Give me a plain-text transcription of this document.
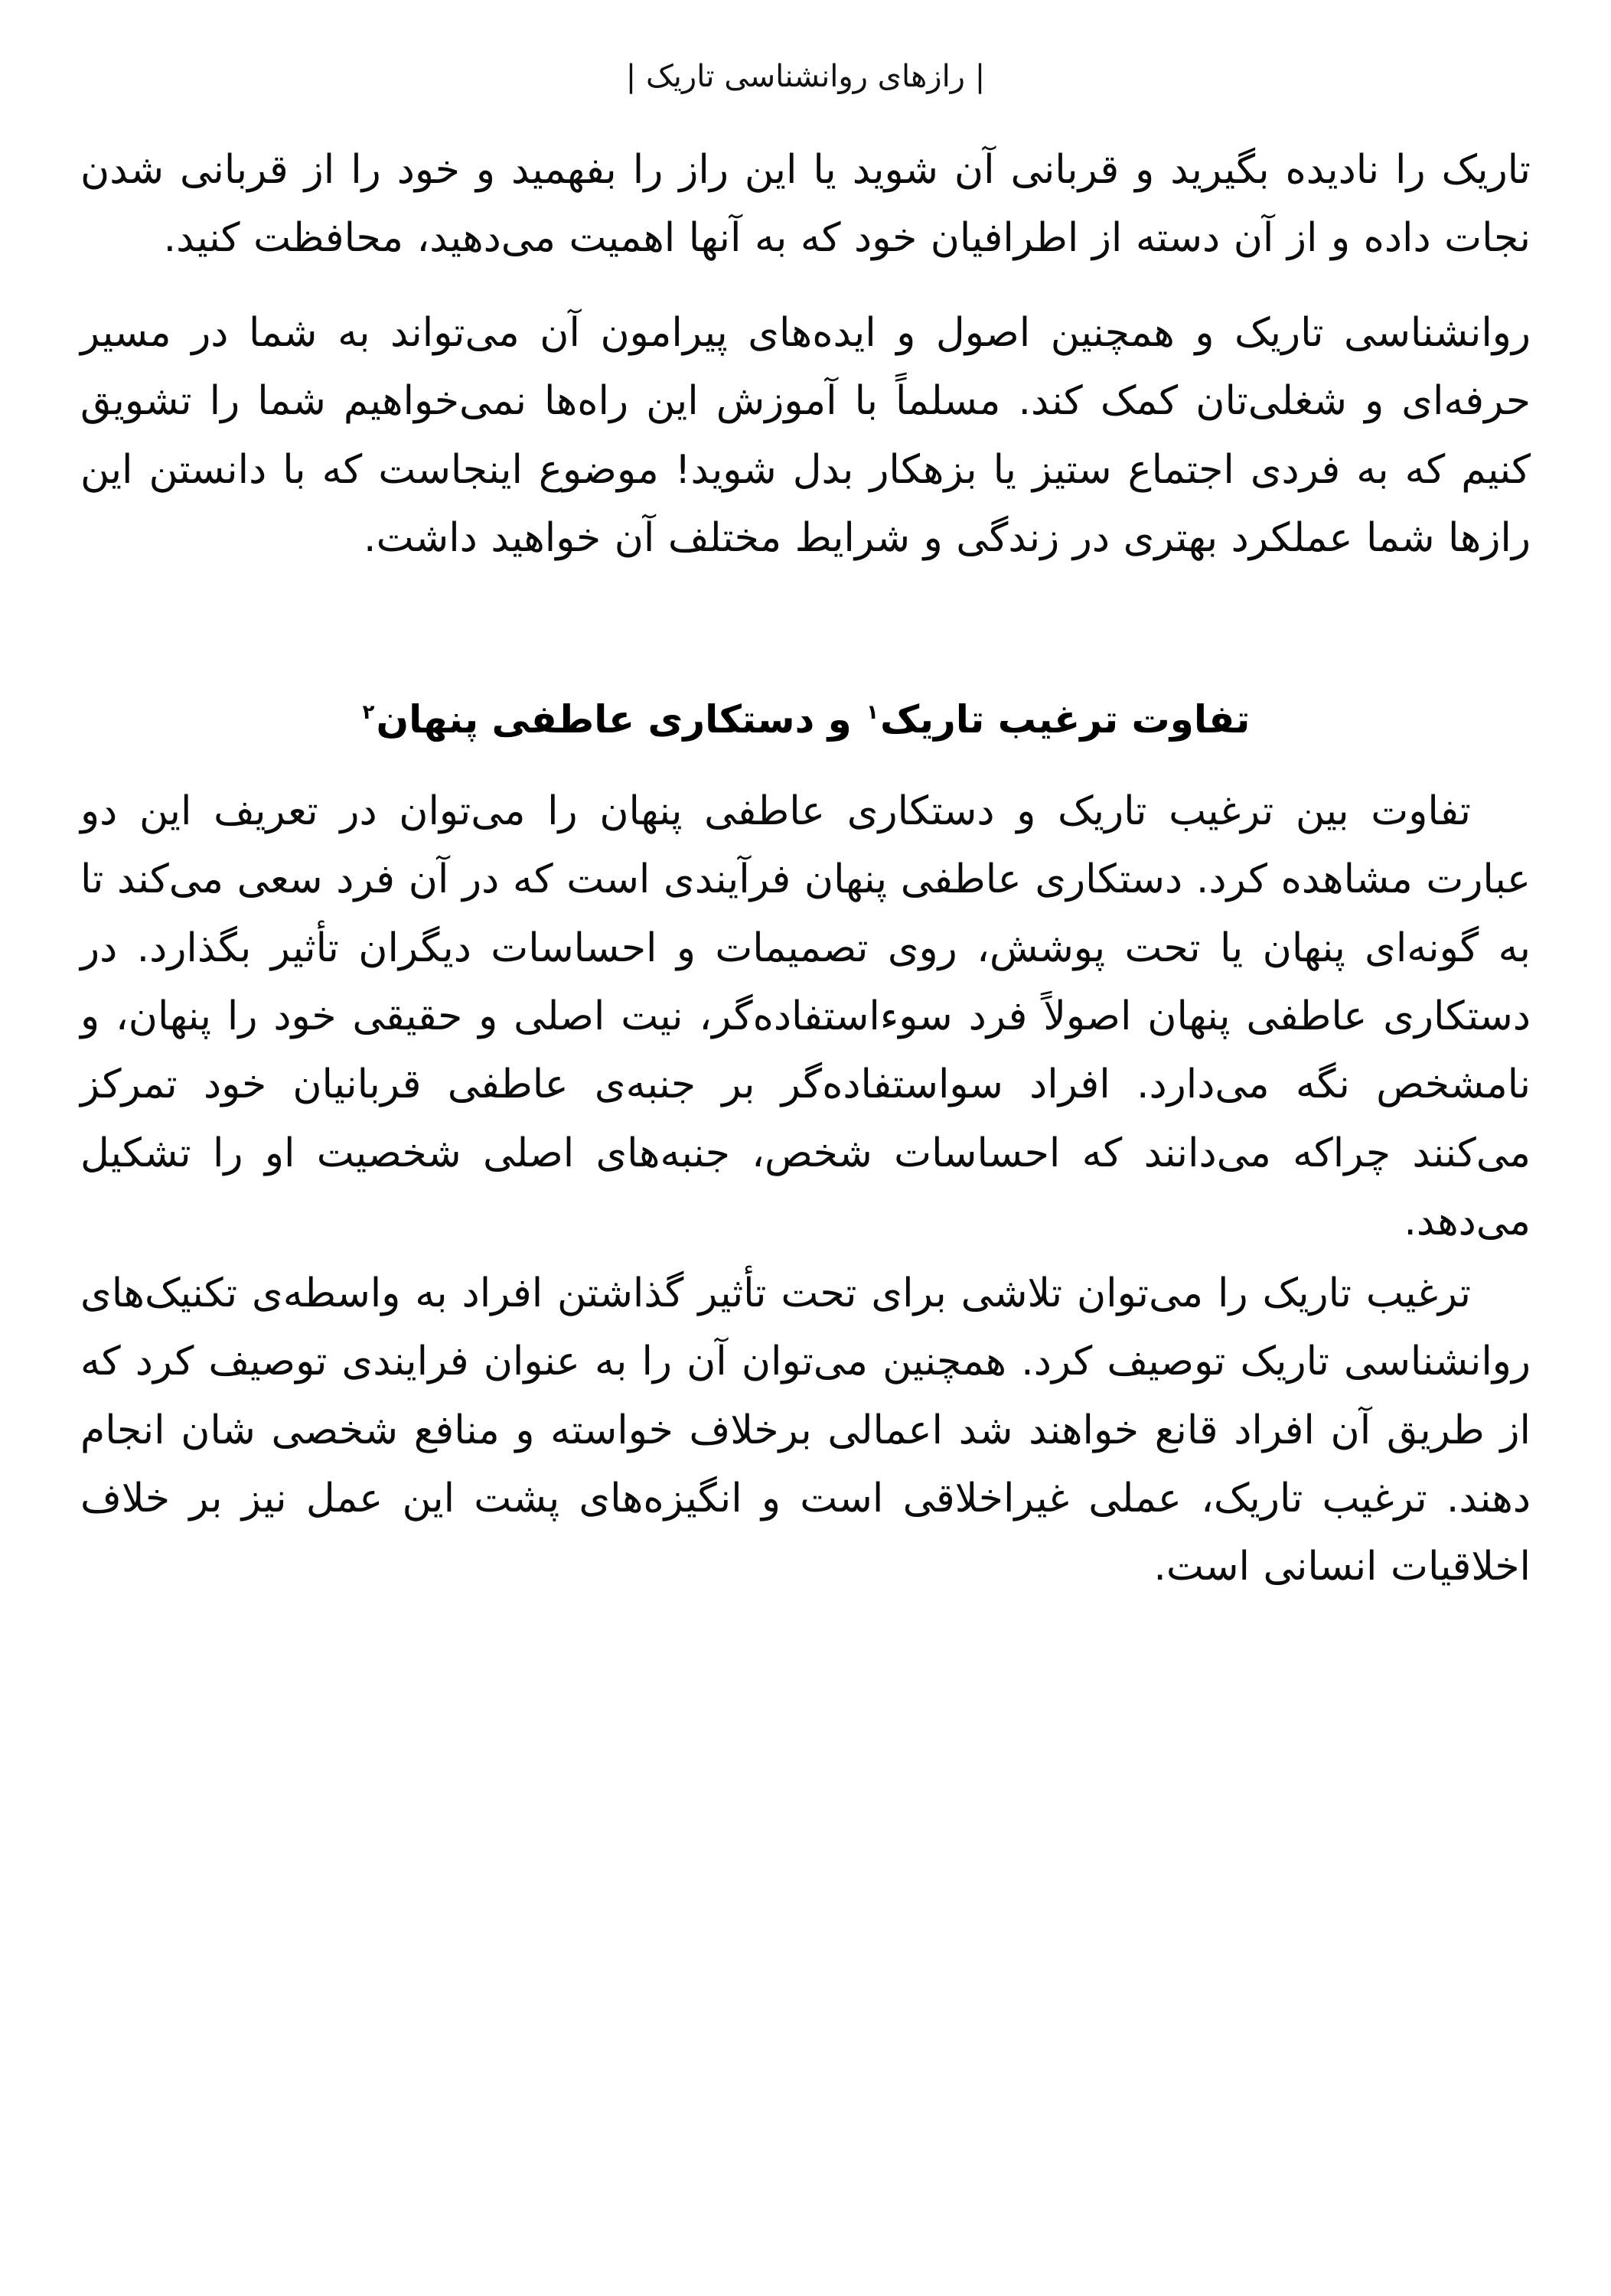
| رازهای روانشناسی تاریک |

تاریک را نادیده بگیرید و قربانی آن شوید یا این راز را بفهمید و خود را از قربانی شدن نجات داده و از آن دسته از اطرافیان خود که به آنها اهمیت می‌دهید، محافظت کنید.

روانشناسی تاریک و همچنین اصول و ایده‌های پیرامون آن می‌تواند به شما در مسیر حرفه‌ای و شغلی‌تان کمک کند. مسلماً با آموزش این راه‌ها نمی‌خواهیم شما را تشویق کنیم که به فردی اجتماع ستیز یا بزهکار بدل شوید! موضوع اینجاست که با دانستن این رازها شما عملکرد بهتری در زندگی و شرایط مختلف آن خواهید داشت.

تفاوت ترغیب تاریک$^۱$ و دستکاری عاطفی پنهان$^۲$

تفاوت بین ترغیب تاریک و دستکاری عاطفی پنهان را می‌توان در تعریف این دو عبارت مشاهده کرد. دستکاری عاطفی پنهان فرآیندی است که در آن فرد سعی می‌کند تا به گونه‌ای پنهان یا تحت پوشش، روی تصمیمات و احساسات دیگران تأثیر بگذارد. در دستکاری عاطفی پنهان اصولاً فرد سوءاستفاده‌گر، نیت اصلی و حقیقی خود را پنهان، و نامشخص نگه می‌دارد. افراد سواستفاده‌گر بر جنبه‌ی عاطفی قربانیان خود تمرکز می‌کنند چراکه می‌دانند که احساسات شخص، جنبه‌های اصلی شخصیت او را تشکیل می‌دهد.

ترغیب تاریک را می‌توان تلاشی برای تحت تأثیر گذاشتن افراد به واسطه‌ی تکنیک‌های روانشناسی تاریک توصیف کرد. همچنین می‌توان آن را به عنوان فرایندی توصیف کرد که از طریق آن افراد قانع خواهند شد اعمالی برخلاف خواسته و منافع شخصی شان انجام دهند. ترغیب تاریک، عملی غیراخلاقی است و انگیزه‌های پشت این عمل نیز بر خلاف اخلاقیات انسانی است.
